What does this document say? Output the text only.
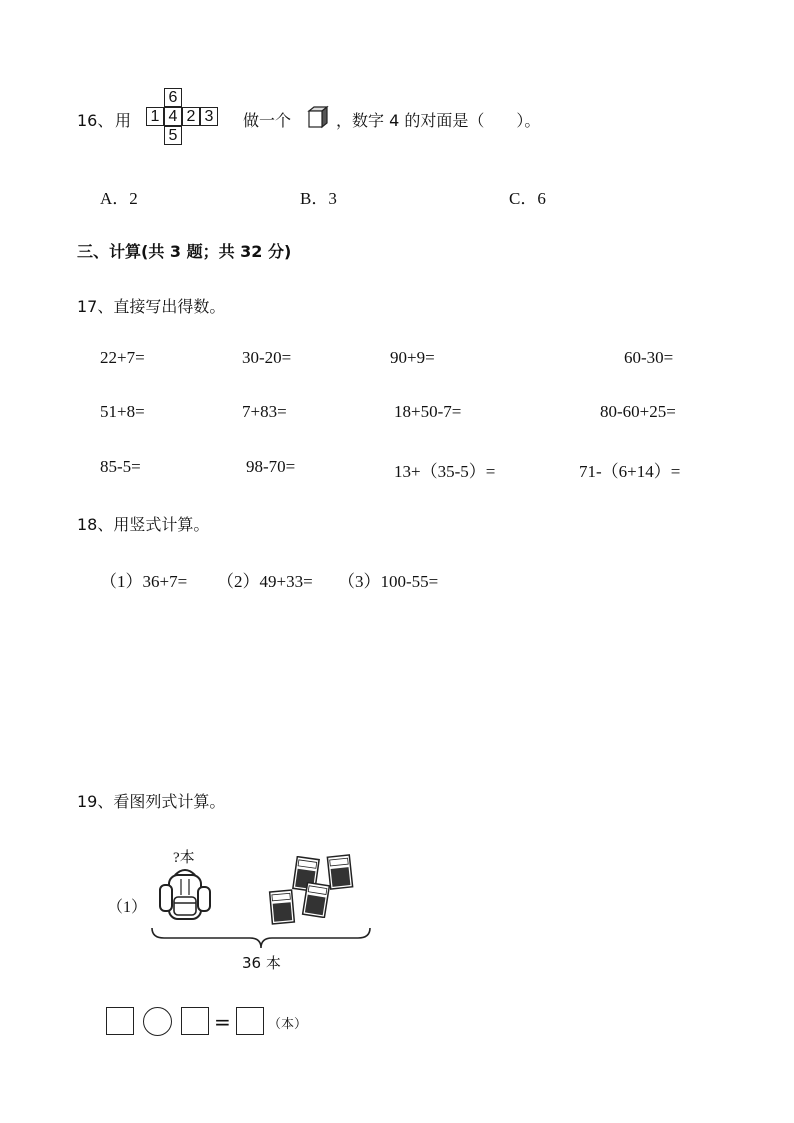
16、 用
6
1 4 2 3
5
做一个	，数字 4 的对面是（　　）。
A．2	B．3	C．6
三、计算(共 3 题；共 32 分)
17、直接写出得数。
22+7=	30-20=	90+9=	60-30=
51+8=	7+83=	18+50-7=	80-60+25=
85-5=	98-70=	13+（35-5）=	71-（6+14）=
18、用竖式计算。
（1）36+7= （2）49+33= （3）100-55=
19、看图列式计算。
（1）
?本
36 本
=	（本）
